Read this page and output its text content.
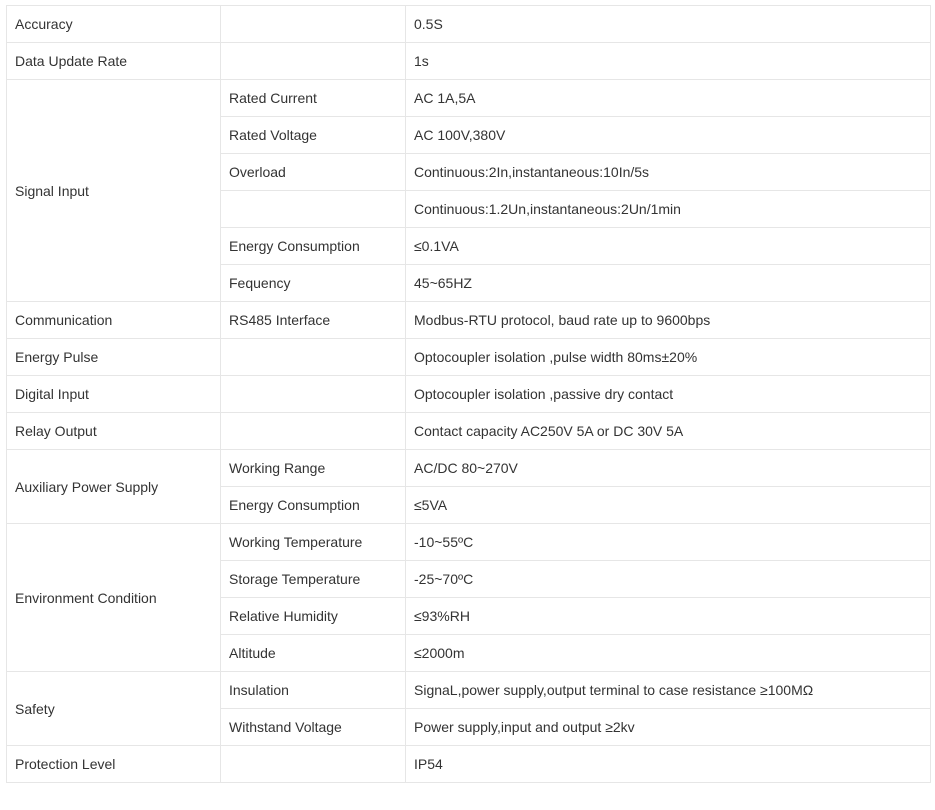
Accuracy		0.5S
Data Update Rate		1s
Signal Input	Rated Current	AC 1A,5A
	Rated Voltage	AC 100V,380V
	Overload	Continuous:2In,instantaneous:10In/5s
		Continuous:1.2Un,instantaneous:2Un/1min
	Energy Consumption	≤0.1VA
	Fequency	45~65HZ
Communication	RS485 Interface	Modbus-RTU protocol, baud rate up to 9600bps
Energy Pulse		Optocoupler isolation ,pulse width 80ms±20%
Digital Input		Optocoupler isolation ,passive dry contact
Relay Output		Contact capacity AC250V 5A or DC 30V 5A
Auxiliary Power Supply	Working Range	AC/DC 80~270V
	Energy Consumption	≤5VA
Environment Condition	Working Temperature	-10~55ºC
	Storage Temperature	-25~70ºC
	Relative Humidity	≤93%RH
	Altitude	≤2000m
Safety	Insulation	SignaL,power supply,output terminal to case resistance ≥100MΩ
	Withstand Voltage	Power supply,input and output ≥2kv
Protection Level		IP54
